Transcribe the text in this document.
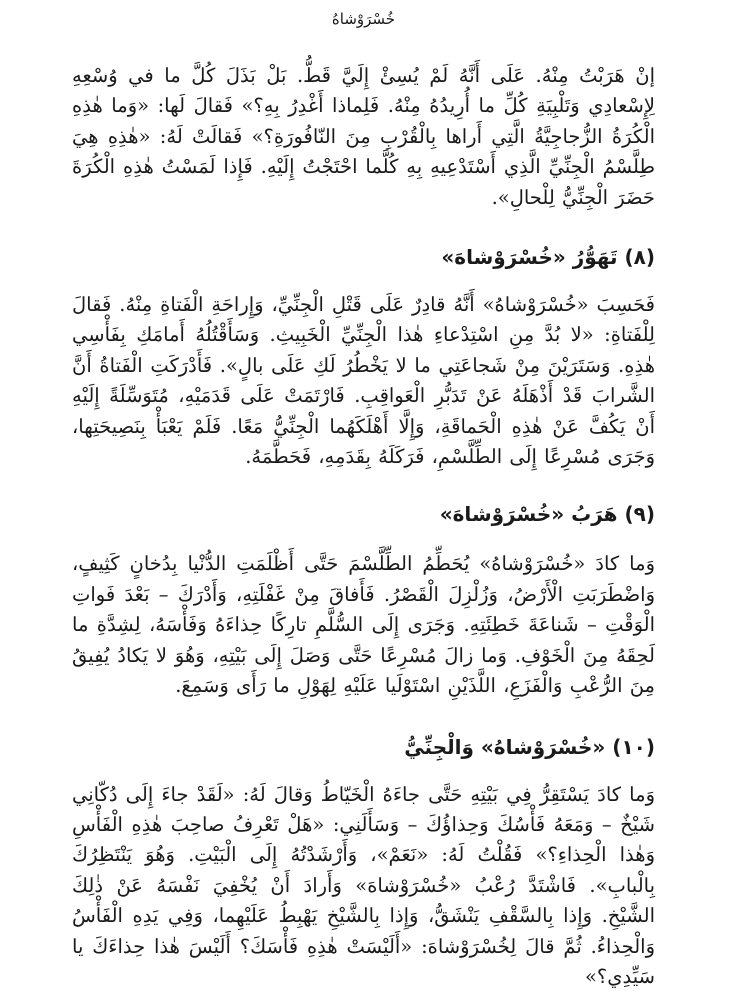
خُسْرَوْشاهُ

إنْ هَرَبْتُ مِنْهُ. عَلَى أَنَّهُ لَمْ يُسِئْ إِلَيَّ قَطُّ. بَلْ بَذَلَ كُلَّ ما في وُسْعِهِ لِإِسْعادِي وَتَلْبِيَةِ كُلِّ ما أُرِيدُهُ مِنْهُ. فَلِماذا أَغْدِرُ بِهِ؟» فَقالَ لَها: «وَما هٰذِهِ الْكُرَةُ الزُّجاجِيَّةُ الَّتِي أَراها بِالْقُرْبِ مِنَ النّافُورَةِ؟» فَقالَتْ لَهُ: «هٰذِهِ هِيَ طِلَّسْمُ الْجِنِّيِّ الَّذِي أَسْتَدْعِيهِ بِهِ كُلَّما احْتَجْتُ إِلَيْهِ. فَإِذا لَمَسْتُ هٰذِهِ الْكُرَةَ حَضَرَ الْجِنِّيُّ لِلْحالِ».

(٨) تَهَوُّرُ «خُسْرَوْشاهَ»

فَحَسِبَ «خُسْرَوْشاهُ» أَنَّهُ قادِرٌ عَلَى قَتْلِ الْجِنِّيِّ، وَإِراحَةِ الْفَتاةِ مِنْهُ. فَقالَ لِلْفَتاةِ: «لا بُدَّ مِنِ اسْتِدْعاءِ هٰذا الْجِنِّيِّ الْخَبِيثِ. وَسَأَقْتُلُهُ أَمامَكِ بِفَأْسِي هٰذِهِ. وَسَتَرَيْنَ مِنْ شَجاعَتِي ما لا يَخْطُرُ لَكِ عَلَى بالٍ». فَأَدْرَكَتِ الْفَتاةُ أَنَّ الشَّرابَ قَدْ أَذْهَلَهُ عَنْ تَدَبُّرِ الْعَواقِبِ. فَارْتَمَتْ عَلَى قَدَمَيْهِ، مُتَوَسِّلَةً إِلَيْهِ أَنْ يَكُفَّ عَنْ هٰذِهِ الْحَماقَةِ، وَإِلَّا أَهْلَكَهُما الْجِنِّيُّ مَعًا. فَلَمْ يَعْبَأْ بِنَصِيحَتِها، وَجَرَى مُسْرِعًا إِلَى الطِّلَّسْمِ، فَرَكَلَهُ بِقَدَمِهِ، فَحَطَّمَهُ.

(٩) هَرَبُ «خُسْرَوْشاهَ»

وَما كادَ «خُسْرَوْشاهُ» يُحَطِّمُ الطِّلَّسْمَ حَتَّى أَظْلَمَتِ الدُّنْيا بِدُخانٍ كَثِيفٍ، وَاضْطَرَبَتِ الْأَرْضُ، وَزُلْزِلَ الْقَصْرُ. فَأَفاقَ مِنْ غَفْلَتِهِ، وَأَدْرَكَ – بَعْدَ فَواتِ الْوَقْتِ – شَناعَةَ خَطِئَتِهِ. وَجَرَى إِلَى السُّلَّمِ تارِكًا حِذاءَهُ وَفَأْسَهُ، لِشِدَّةِ ما لَحِقَهُ مِنَ الْخَوْفِ. وَما زالَ مُسْرِعًا حَتَّى وَصَلَ إِلَى بَيْتِهِ، وَهُوَ لا يَكادُ يُفِيقُ مِنَ الرُّعْبِ وَالْفَزَعِ، اللَّذَيْنِ اسْتَوْلَيا عَلَيْهِ لِهَوْلِ ما رَأَى وَسَمِعَ.

(١٠) «خُسْرَوْشاهُ» وَالْجِنِّيُّ

وَما كادَ يَسْتَقِرُّ فِي بَيْتِهِ حَتَّى جاءَهُ الْخَيّاطُ وَقالَ لَهُ: «لَقَدْ جاءَ إِلَى دُكّانِي شَيْخٌ – وَمَعَهُ فَأْسُكَ وَحِذاؤُكَ – وَسَأَلَنِي: «هَلْ تَعْرِفُ صاحِبَ هٰذِهِ الْفَأْسِ وَهٰذا الْحِذاءِ؟» فَقُلْتُ لَهُ: «نَعَمْ»، وَأَرْشَدْتُهُ إِلَى الْبَيْتِ. وَهُوَ يَنْتَظِرُكَ بِالْبابِ». فَاشْتَدَّ رُعْبُ «خُسْرَوْشاهَ» وَأَرادَ أَنْ يُخْفِيَ نَفْسَهُ عَنْ ذٰلِكَ الشَّيْخِ. وَإِذا بِالسَّقْفِ يَنْشَقُّ، وَإِذا بِالشَّيْخِ يَهْبِطُ عَلَيْهِما، وَفِي يَدِهِ الْفَأْسُ وَالْحِذاءُ. ثُمَّ قالَ لِخُسْرَوْشاهَ: «أَلَيْسَتْ هٰذِهِ فَأْسَكَ؟ أَلَيْسَ هٰذا حِذاءَكَ يا سَيِّدِي؟»
